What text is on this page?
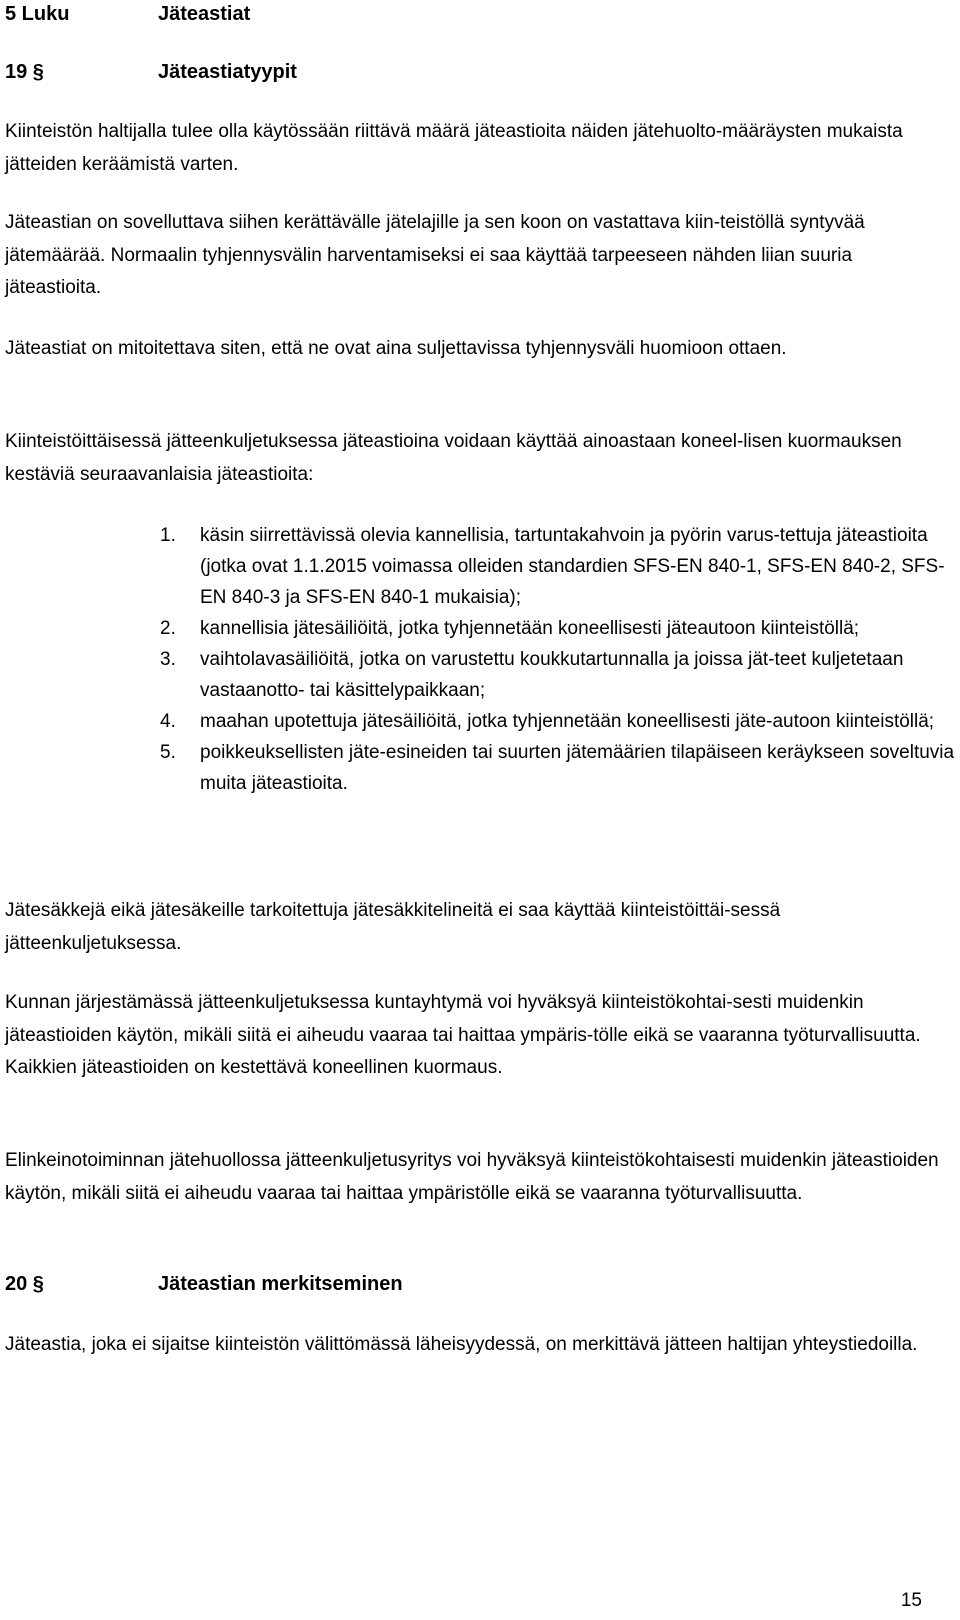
5 Luku	Jäteastiat
19 §	Jäteastiatyypit

Kiinteistön haltijalla tulee olla käytössään riittävä määrä jäteastioita näiden jätehuolto-määräysten mukaista jätteiden keräämistä varten.

Jäteastian on sovelluttava siihen kerättävälle jätelajille ja sen koon on vastattava kiin-teistöllä syntyvää jätemäärää. Normaalin tyhjennysvälin harventamiseksi ei saa käyttää tarpeeseen nähden liian suuria jäteastioita.

Jäteastiat on mitoitettava siten, että ne ovat aina suljettavissa tyhjennysväli huomioon ottaen.

Kiinteistöittäisessä jätteenkuljetuksessa jäteastioina voidaan käyttää ainoastaan koneel-lisen kuormauksen kestäviä seuraavanlaisia jäteastioita:

1. käsin siirrettävissä olevia kannellisia, tartuntakahvoin ja pyörin varus-tettuja jäteastioita (jotka ovat 1.1.2015 voimassa olleiden standardien SFS-EN 840-1, SFS-EN 840-2, SFS-EN 840-3 ja SFS-EN 840-1 mukaisia);
2. kannellisia jätesäiliöitä, jotka tyhjennetään koneellisesti jäteautoon kiinteistöllä;
3. vaihtolavasäiliöitä, jotka on varustettu koukkutartunnalla ja joissa jät-teet kuljetetaan vastaanotto- tai käsittelypaikkaan;
4. maahan upotettuja jätesäiliöitä, jotka tyhjennetään koneellisesti jäte-autoon kiinteistöllä;
5. poikkeuksellisten jäte-esineiden tai suurten jätemäärien tilapäiseen keräykseen soveltuvia muita jäteastioita.

Jätesäkkejä eikä jätesäkeille tarkoitettuja jätesäkkitelineitä ei saa käyttää kiinteistöittäi-sessä jätteenkuljetuksessa.

Kunnan järjestämässä jätteenkuljetuksessa kuntayhtymä voi hyväksyä kiinteistökohtai-sesti muidenkin jäteastioiden käytön, mikäli siitä ei aiheudu vaaraa tai haittaa ympäris-tölle eikä se vaaranna työturvallisuutta. Kaikkien jäteastioiden on kestettävä koneellinen kuormaus.

Elinkeinotoiminnan jätehuollossa jätteenkuljetusyritys voi hyväksyä kiinteistökohtaisesti muidenkin jäteastioiden käytön, mikäli siitä ei aiheudu vaaraa tai haittaa ympäristölle eikä se vaaranna työturvallisuutta.

20 §	Jäteastian merkitseminen

Jäteastia, joka ei sijaitse kiinteistön välittömässä läheisyydessä, on merkittävä jätteen haltijan yhteystiedoilla.

15
